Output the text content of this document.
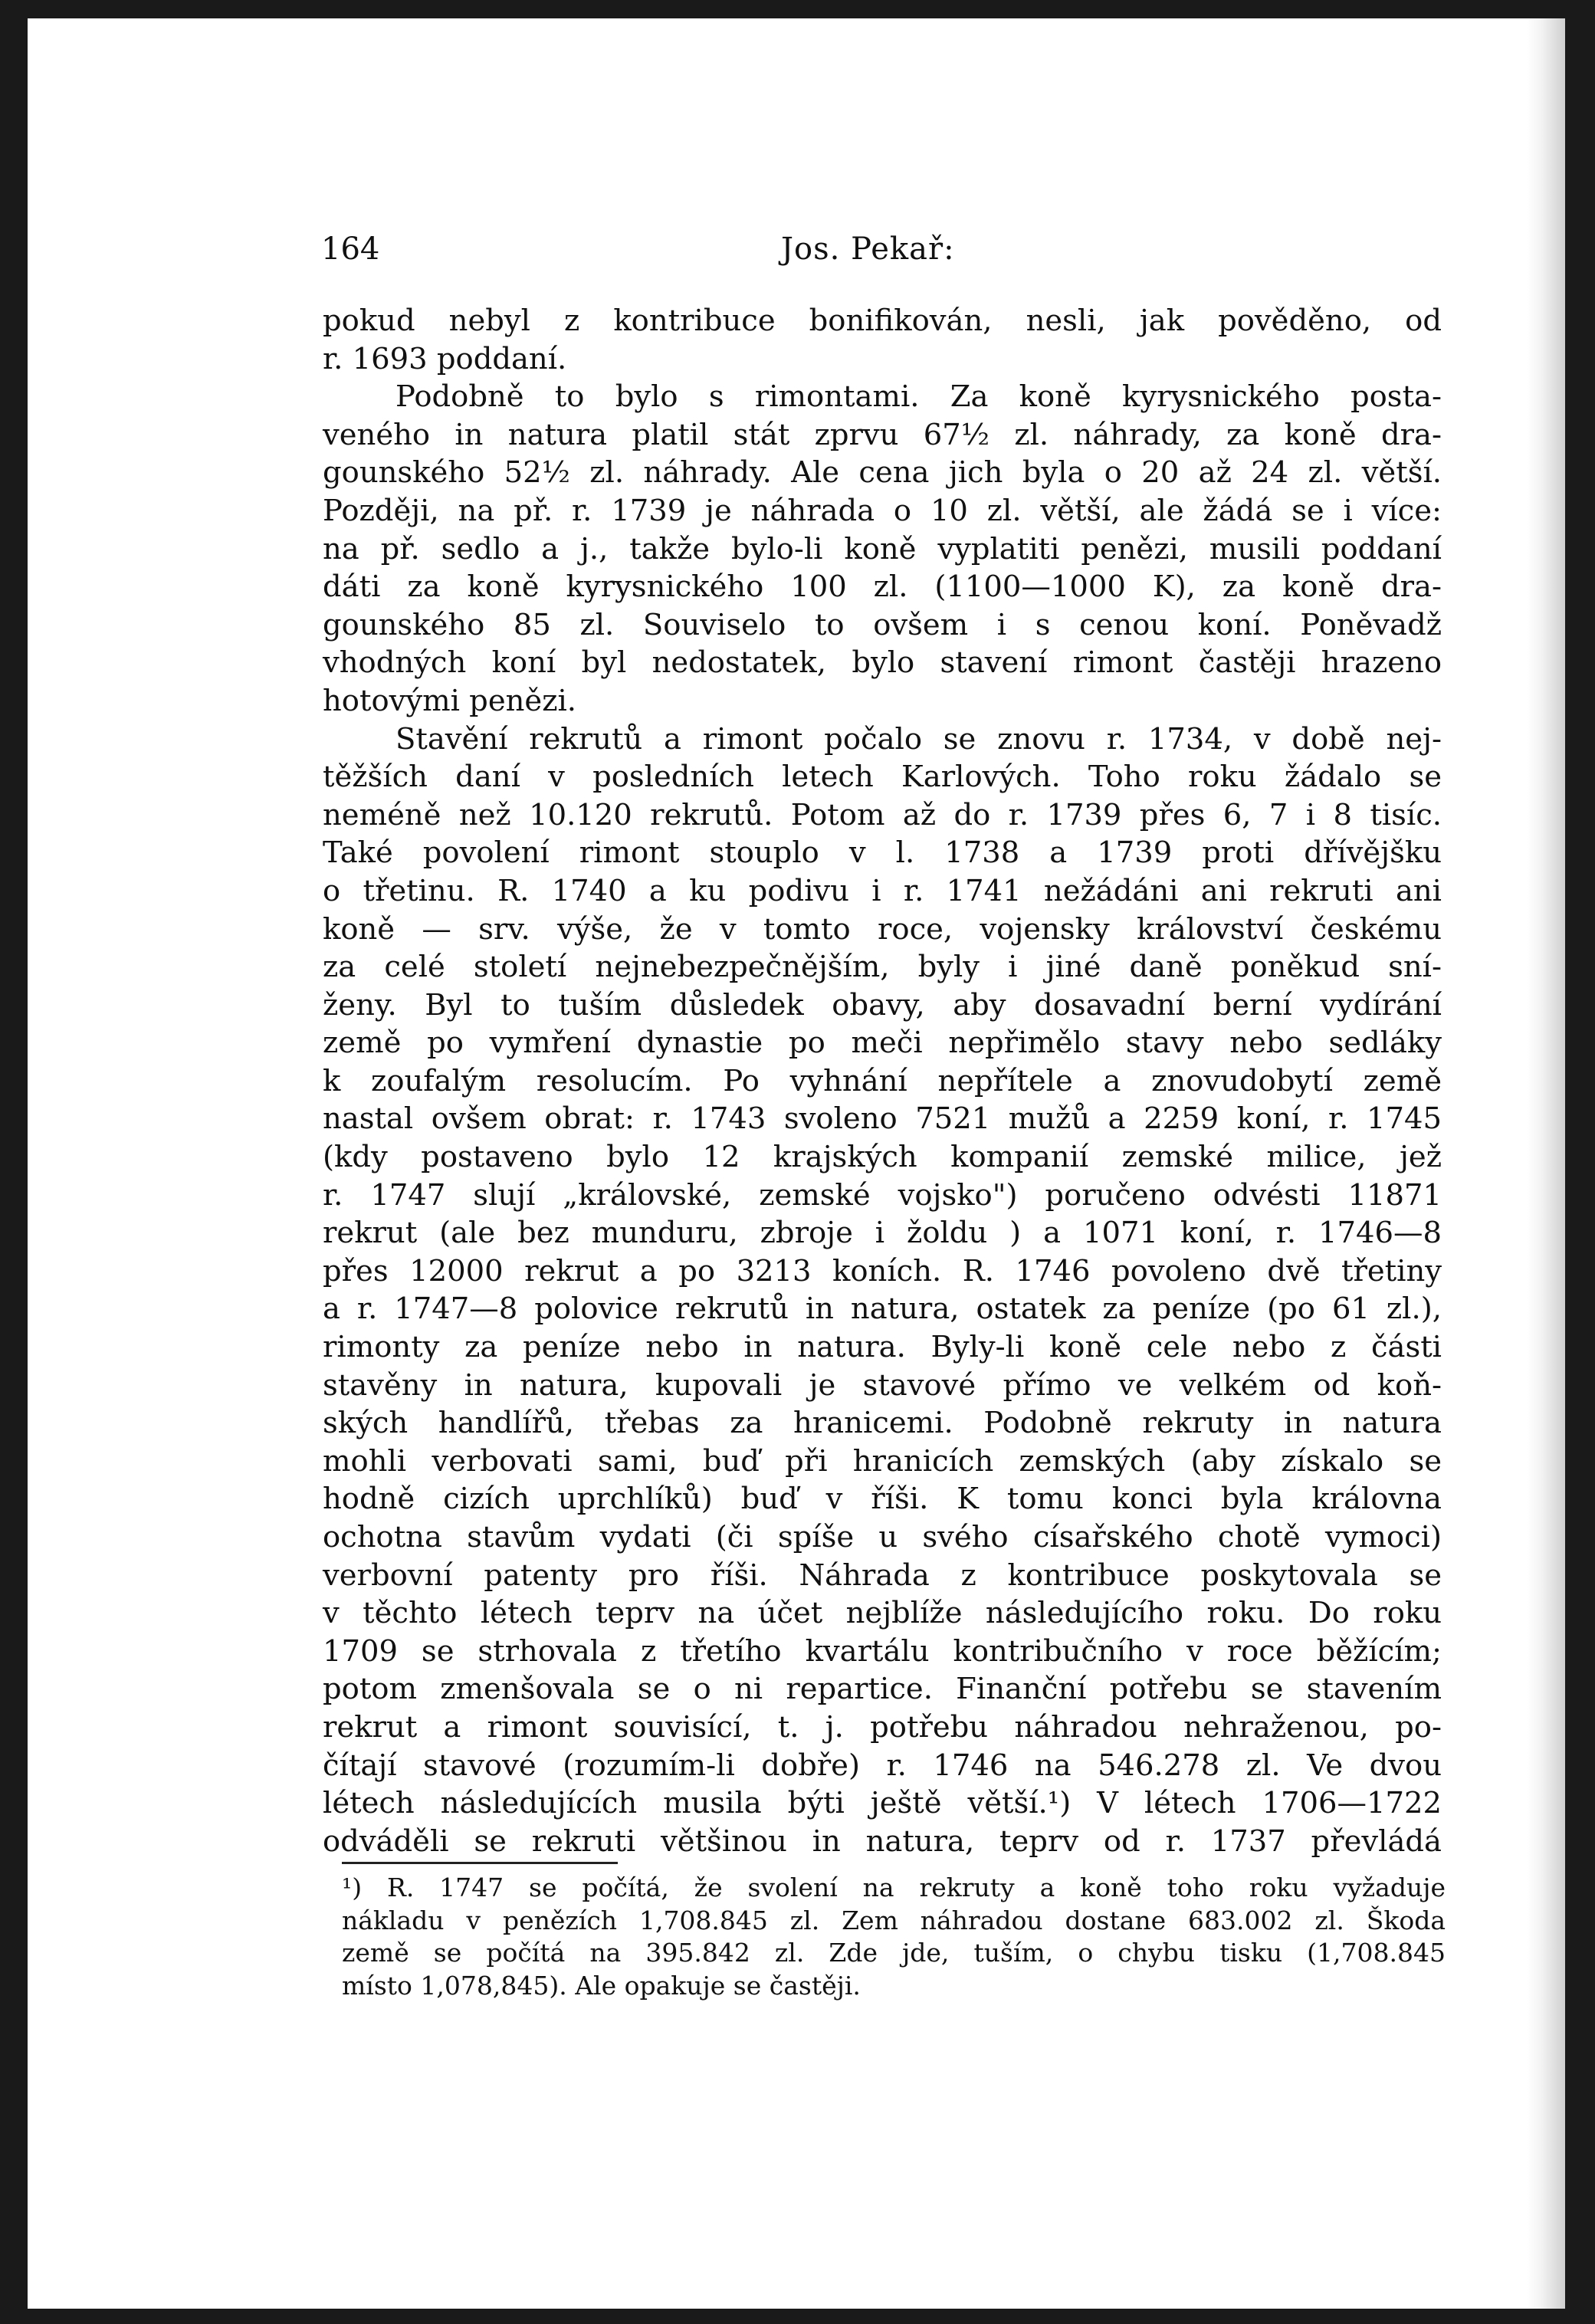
164	Jos. Pekař:
pokud nebyl z kontribuce bonifikován, nesli, jak pověděno, od
r. 1693 poddaní.
Podobně to bylo s rimontami. Za koně kyrysnického posta-
veného in natura platil stát zprvu 67½ zl. náhrady, za koně dra-
gounského 52½ zl. náhrady. Ale cena jich byla o 20 až 24 zl. větší.
Později, na př. r. 1739 je náhrada o 10 zl. větší, ale žádá se i více:
na př. sedlo a j., takže bylo-li koně vyplatiti penězi, musili poddaní
dáti za koně kyrysnického 100 zl. (1100—1000 K), za koně dra-
gounského 85 zl. Souviselo to ovšem i s cenou koní. Poněvadž
vhodných koní byl nedostatek, bylo stavení rimont častěji hrazeno
hotovými penězi.
Stavění rekrutů a rimont počalo se znovu r. 1734, v době nej-
těžších daní v posledních letech Karlových. Toho roku žádalo se
neméně než 10.120 rekrutů. Potom až do r. 1739 přes 6, 7 i 8 tisíc.
Také povolení rimont stouplo v l. 1738 a 1739 proti dřívějšku
o třetinu. R. 1740 a ku podivu i r. 1741 nežádáni ani rekruti ani
koně — srv. výše, že v tomto roce, vojensky království českému
za celé století nejnebezpečnějším, byly i jiné daně poněkud sní-
ženy. Byl to tuším důsledek obavy, aby dosavadní berní vydírání
země po vymření dynastie po meči nepřimělo stavy nebo sedláky
k zoufalým resolucím. Po vyhnání nepřítele a znovudobytí země
nastal ovšem obrat: r. 1743 svoleno 7521 mužů a 2259 koní, r. 1745
(kdy postaveno bylo 12 krajských kompanií zemské milice, jež
r. 1747 slují „královské, zemské vojsko") poručeno odvésti 11871
rekrut (ale bez munduru, zbroje i žoldu ) a 1071 koní, r. 1746—8
přes 12000 rekrut a po 3213 koních. R. 1746 povoleno dvě třetiny
a r. 1747—8 polovice rekrutů in natura, ostatek za peníze (po 61 zl.),
rimonty za peníze nebo in natura. Byly-li koně cele nebo z části
stavěny in natura, kupovali je stavové přímo ve velkém od koň-
ských handlířů, třebas za hranicemi. Podobně rekruty in natura
mohli verbovati sami, buď při hranicích zemských (aby získalo se
hodně cizích uprchlíků) buď v říši. K tomu konci byla královna
ochotna stavům vydati (či spíše u svého císařského chotě vymoci)
verbovní patenty pro říši. Náhrada z kontribuce poskytovala se
v těchto létech teprv na účet nejblíže následujícího roku. Do roku
1709 se strhovala z třetího kvartálu kontribučního v roce běžícím;
potom zmenšovala se o ni repartice. Finanční potřebu se stavením
rekrut a rimont souvisící, t. j. potřebu náhradou nehraženou, po-
čítají stavové (rozumím-li dobře) r. 1746 na 546.278 zl. Ve dvou
létech následujících musila býti ještě větší.¹) V létech 1706—1722
odváděli se rekruti většinou in natura, teprv od r. 1737 převládá
¹) R. 1747 se počítá, že svolení na rekruty a koně toho roku vyžaduje
nákladu v penězích 1,708.845 zl. Zem náhradou dostane 683.002 zl. Škoda
země se počítá na 395.842 zl. Zde jde, tuším, o chybu tisku (1,708.845
místo 1,078,845). Ale opakuje se častěji.
